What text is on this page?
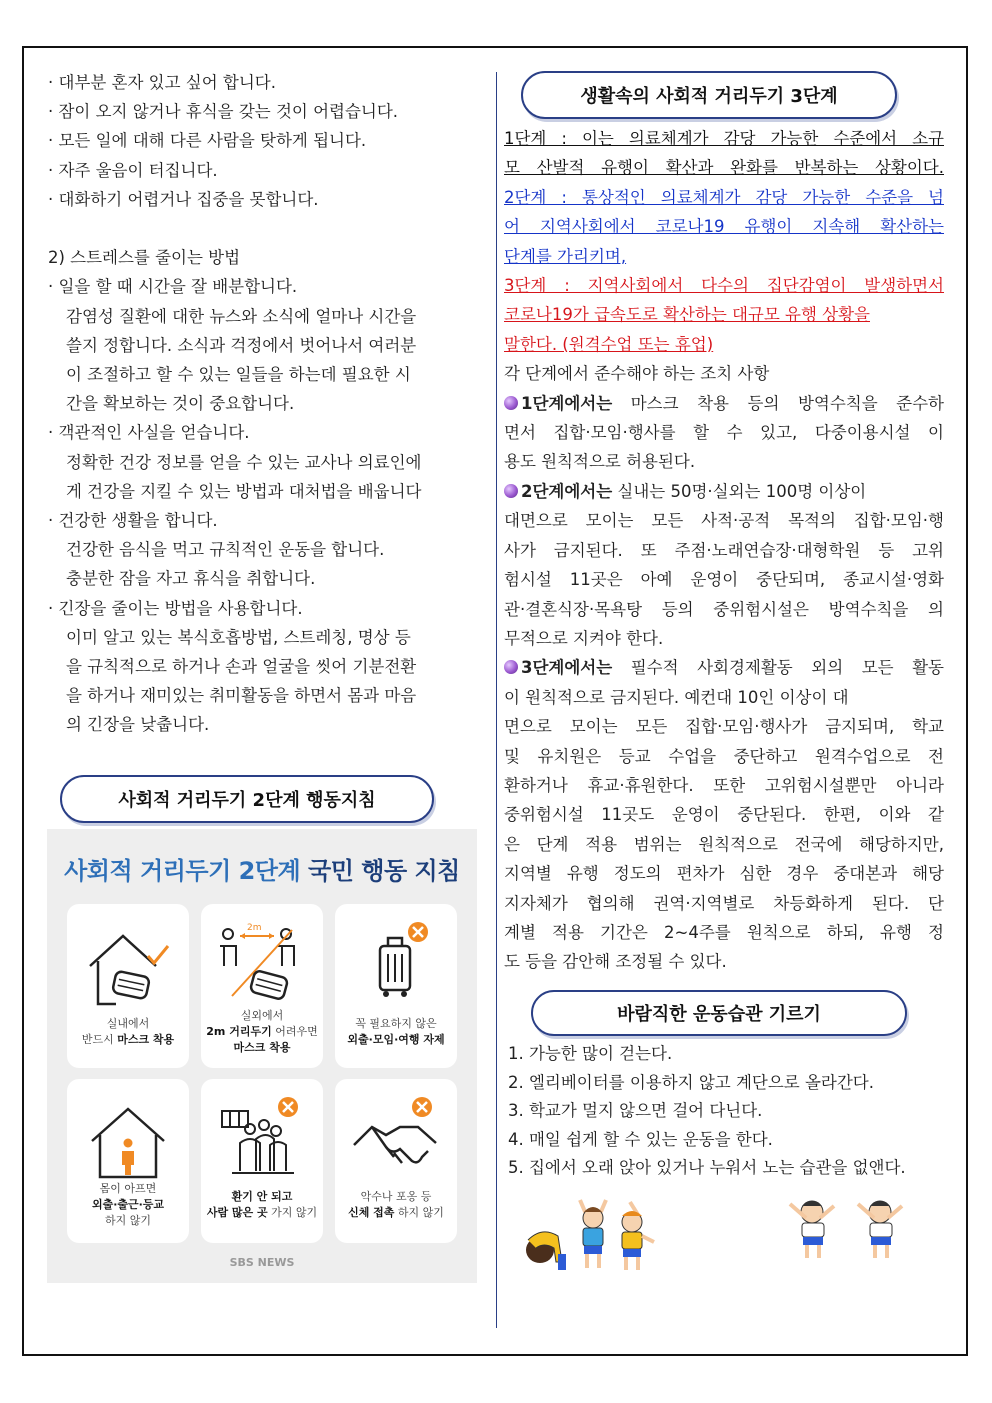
· 대부분 혼자 있고 싶어 합니다.
· 잠이 오지 않거나 휴식을 갖는 것이 어렵습니다.
· 모든 일에 대해 다른 사람을 탓하게 됩니다.
· 자주 울음이 터집니다.
· 대화하기 어렵거나 집중을 못합니다.
2) 스트레스를 줄이는 방법
· 일을 할 때 시간을 잘 배분합니다.
감염성 질환에 대한 뉴스와 소식에 얼마나 시간을
쓸지 정합니다. 소식과 걱정에서 벗어나서 여러분
이 조절하고 할 수 있는 일들을 하는데 필요한 시
간을 확보하는 것이 중요합니다.
· 객관적인 사실을 얻습니다.
정확한 건강 정보를 얻을 수 있는 교사나 의료인에
게 건강을 지킬 수 있는 방법과 대처법을 배웁니다
· 건강한 생활을 합니다.
건강한 음식을 먹고 규칙적인 운동을 합니다.
충분한 잠을 자고 휴식을 취합니다.
· 긴장을 줄이는 방법을 사용합니다.
이미 알고 있는 복식호흡방법, 스트레칭, 명상 등
을 규칙적으로 하거나 손과 얼굴을 씻어 기분전환
을 하거나 재미있는 취미활동을 하면서 몸과 마음
의 긴장을 낮춥니다.
사회적 거리두기 2단계 행동지침
사회적 거리두기 2단계 국민 행동 지침
실내에서
반드시 마스크 착용
2m
실외에서
2m 거리두기 어려우면
마스크 착용
꼭 필요하지 않은
외출·모임·여행 자제
몸이 아프면
외출·출근·등교
하지 않기
환기 안 되고
사람 많은 곳 가지 않기
악수나 포옹 등
신체 접촉 하지 않기
SBS NEWS
생활속의 사회적 거리두기 3단계
1단계 : 이는 의료체계가 감당 가능한 수준에서 소규
모 산발적 유행이 확산과 완화를 반복하는 상황이다.
2단계 : 통상적인 의료체계가 감당 가능한 수준을 넘
어 지역사회에서 코로나19 유행이 지속해 확산하는
단계를 가리키며,
3단계 : 지역사회에서 다수의 집단감염이 발생하면서
코로나19가 급속도로 확산하는 대규모 유행 상황을
말한다. (원격수업 또는 휴업)
각 단계에서 준수해야 하는 조치 사항
1단계에서는 마스크 착용 등의 방역수칙을 준수하
면서 집합·모임·행사를 할 수 있고, 다중이용시설 이
용도 원칙적으로 허용된다.
2단계에서는 실내는 50명·실외는 100명 이상이
대면으로 모이는 모든 사적·공적 목적의 집합·모임·행
사가 금지된다. 또 주점·노래연습장·대형학원 등 고위
험시설 11곳은 아예 운영이 중단되며, 종교시설·영화
관·결혼식장·목욕탕 등의 중위험시설은 방역수칙을 의
무적으로 지켜야 한다.
3단계에서는 필수적 사회경제활동 외의 모든 활동
이 원칙적으로 금지된다. 예컨대 10인 이상이 대
면으로 모이는 모든 집합·모임·행사가 금지되며, 학교
및 유치원은 등교 수업을 중단하고 원격수업으로 전
환하거나 휴교·휴원한다. 또한 고위험시설뿐만 아니라
중위험시설 11곳도 운영이 중단된다. 한편, 이와 같
은 단계 적용 범위는 원칙적으로 전국에 해당하지만,
지역별 유행 정도의 편차가 심한 경우 중대본과 해당
지자체가 협의해 권역·지역별로 차등화하게 된다. 단
계별 적용 기간은 2~4주를 원칙으로 하되, 유행 정
도 등을 감안해 조정될 수 있다.
바람직한 운동습관 기르기
1. 가능한 많이 걷는다.
2. 엘리베이터를 이용하지 않고 계단으로 올라간다.
3. 학교가 멀지 않으면 걸어 다닌다.
4. 매일 쉽게 할 수 있는 운동을 한다.
5. 집에서 오래 앉아 있거나 누워서 노는 습관을 없앤다.
